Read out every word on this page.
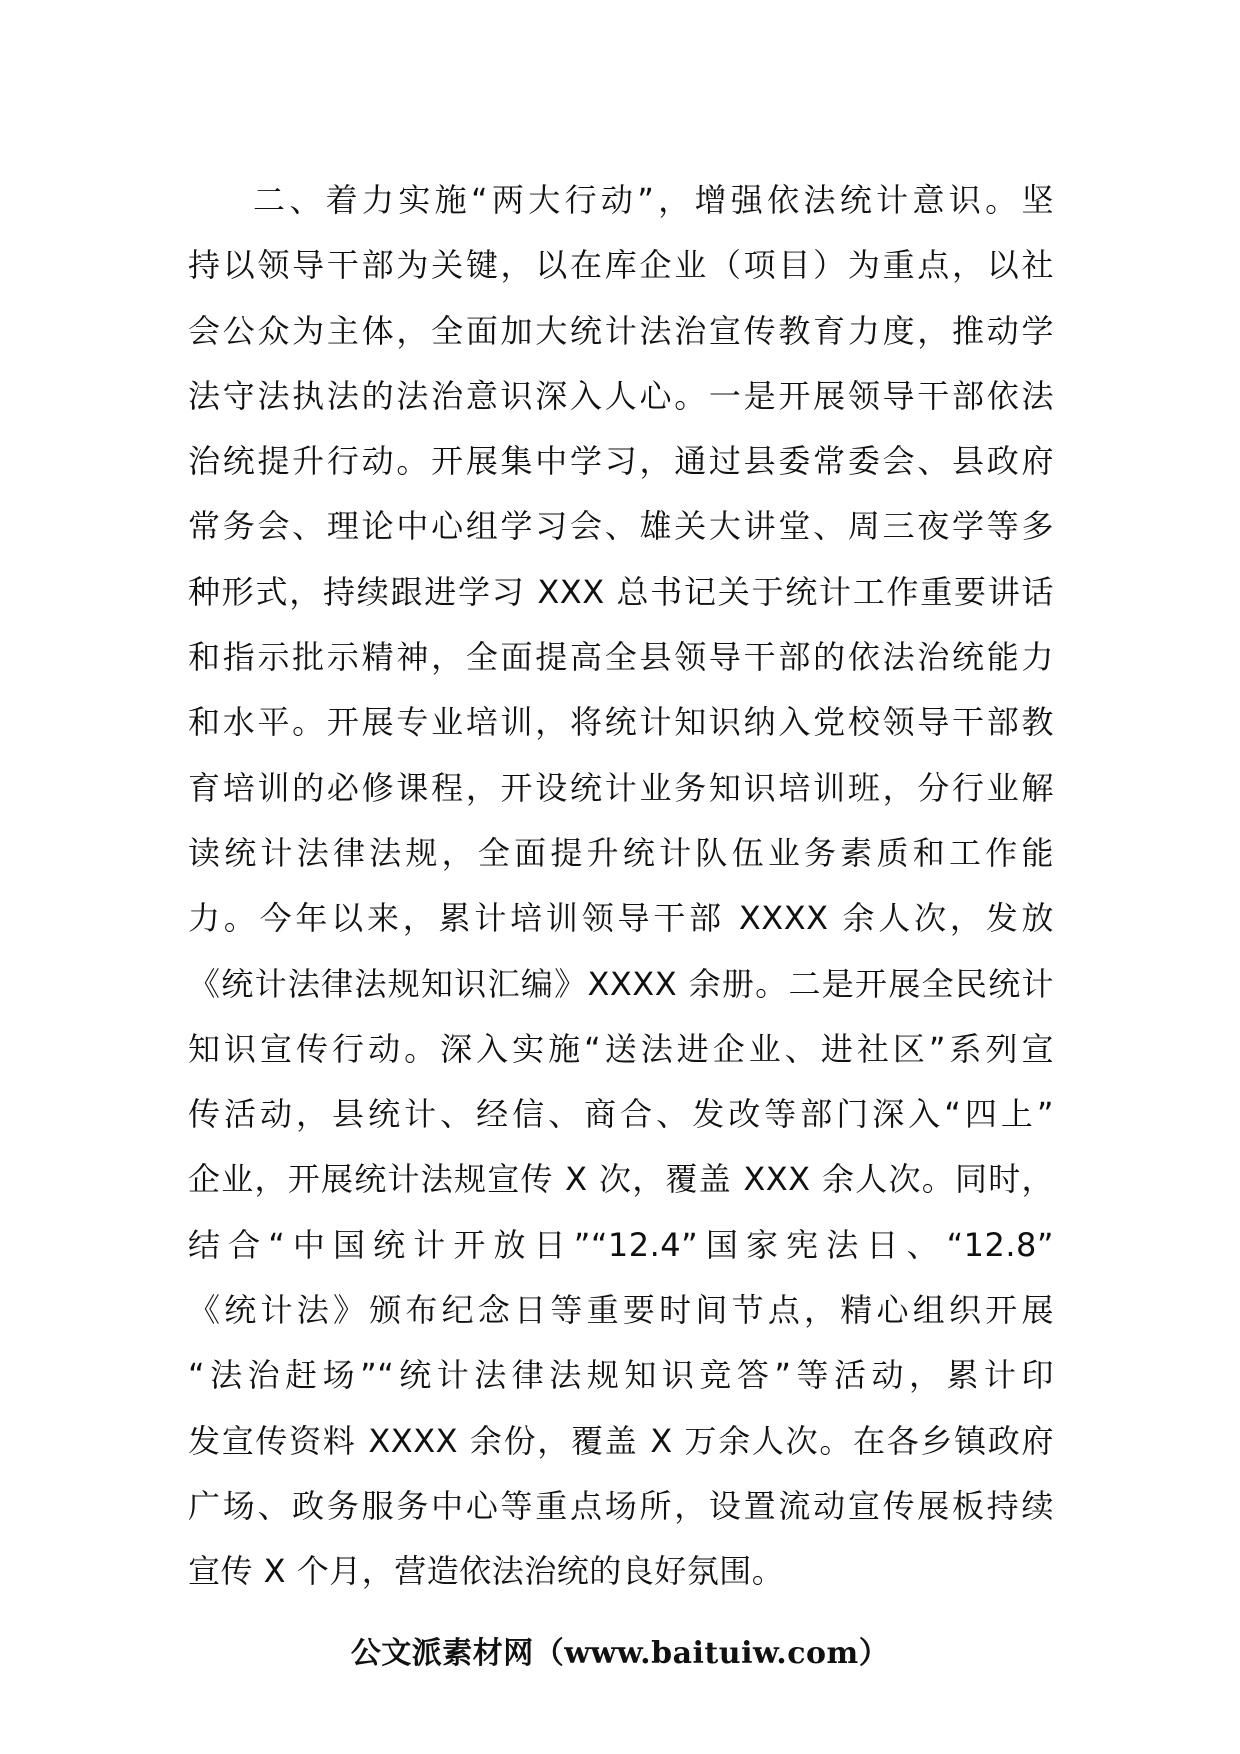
二、着力实施“两大行动”，增强依法统计意识。坚
持以领导干部为关键，以在库企业（项目）为重点，以社
会公众为主体，全面加大统计法治宣传教育力度，推动学
法守法执法的法治意识深入人心。一是开展领导干部依法
治统提升行动。开展集中学习，通过县委常委会、县政府
常务会、理论中心组学习会、雄关大讲堂、周三夜学等多
种形式，持续跟进学习 XXX 总书记关于统计工作重要讲话
和指示批示精神，全面提高全县领导干部的依法治统能力
和水平。开展专业培训，将统计知识纳入党校领导干部教
育培训的必修课程，开设统计业务知识培训班，分行业解
读统计法律法规，全面提升统计队伍业务素质和工作能
力。今年以来，累计培训领导干部 XXXX 余人次，发放
《统计法律法规知识汇编》XXXX 余册。二是开展全民统计
知识宣传行动。深入实施“送法进企业、进社区”系列宣
传活动，县统计、经信、商合、发改等部门深入“四上”
企业，开展统计法规宣传 X 次，覆盖 XXX 余人次。同时，
结合“中国统计开放日”“12.4”国家宪法日、“12.8”
《统计法》颁布纪念日等重要时间节点，精心组织开展
“法治赶场”“统计法律法规知识竞答”等活动，累计印
发宣传资料 XXXX 余份，覆盖 X 万余人次。在各乡镇政府
广场、政务服务中心等重点场所，设置流动宣传展板持续
宣传 X 个月，营造依法治统的良好氛围。
公文派素材网（www.baituiw.com）
